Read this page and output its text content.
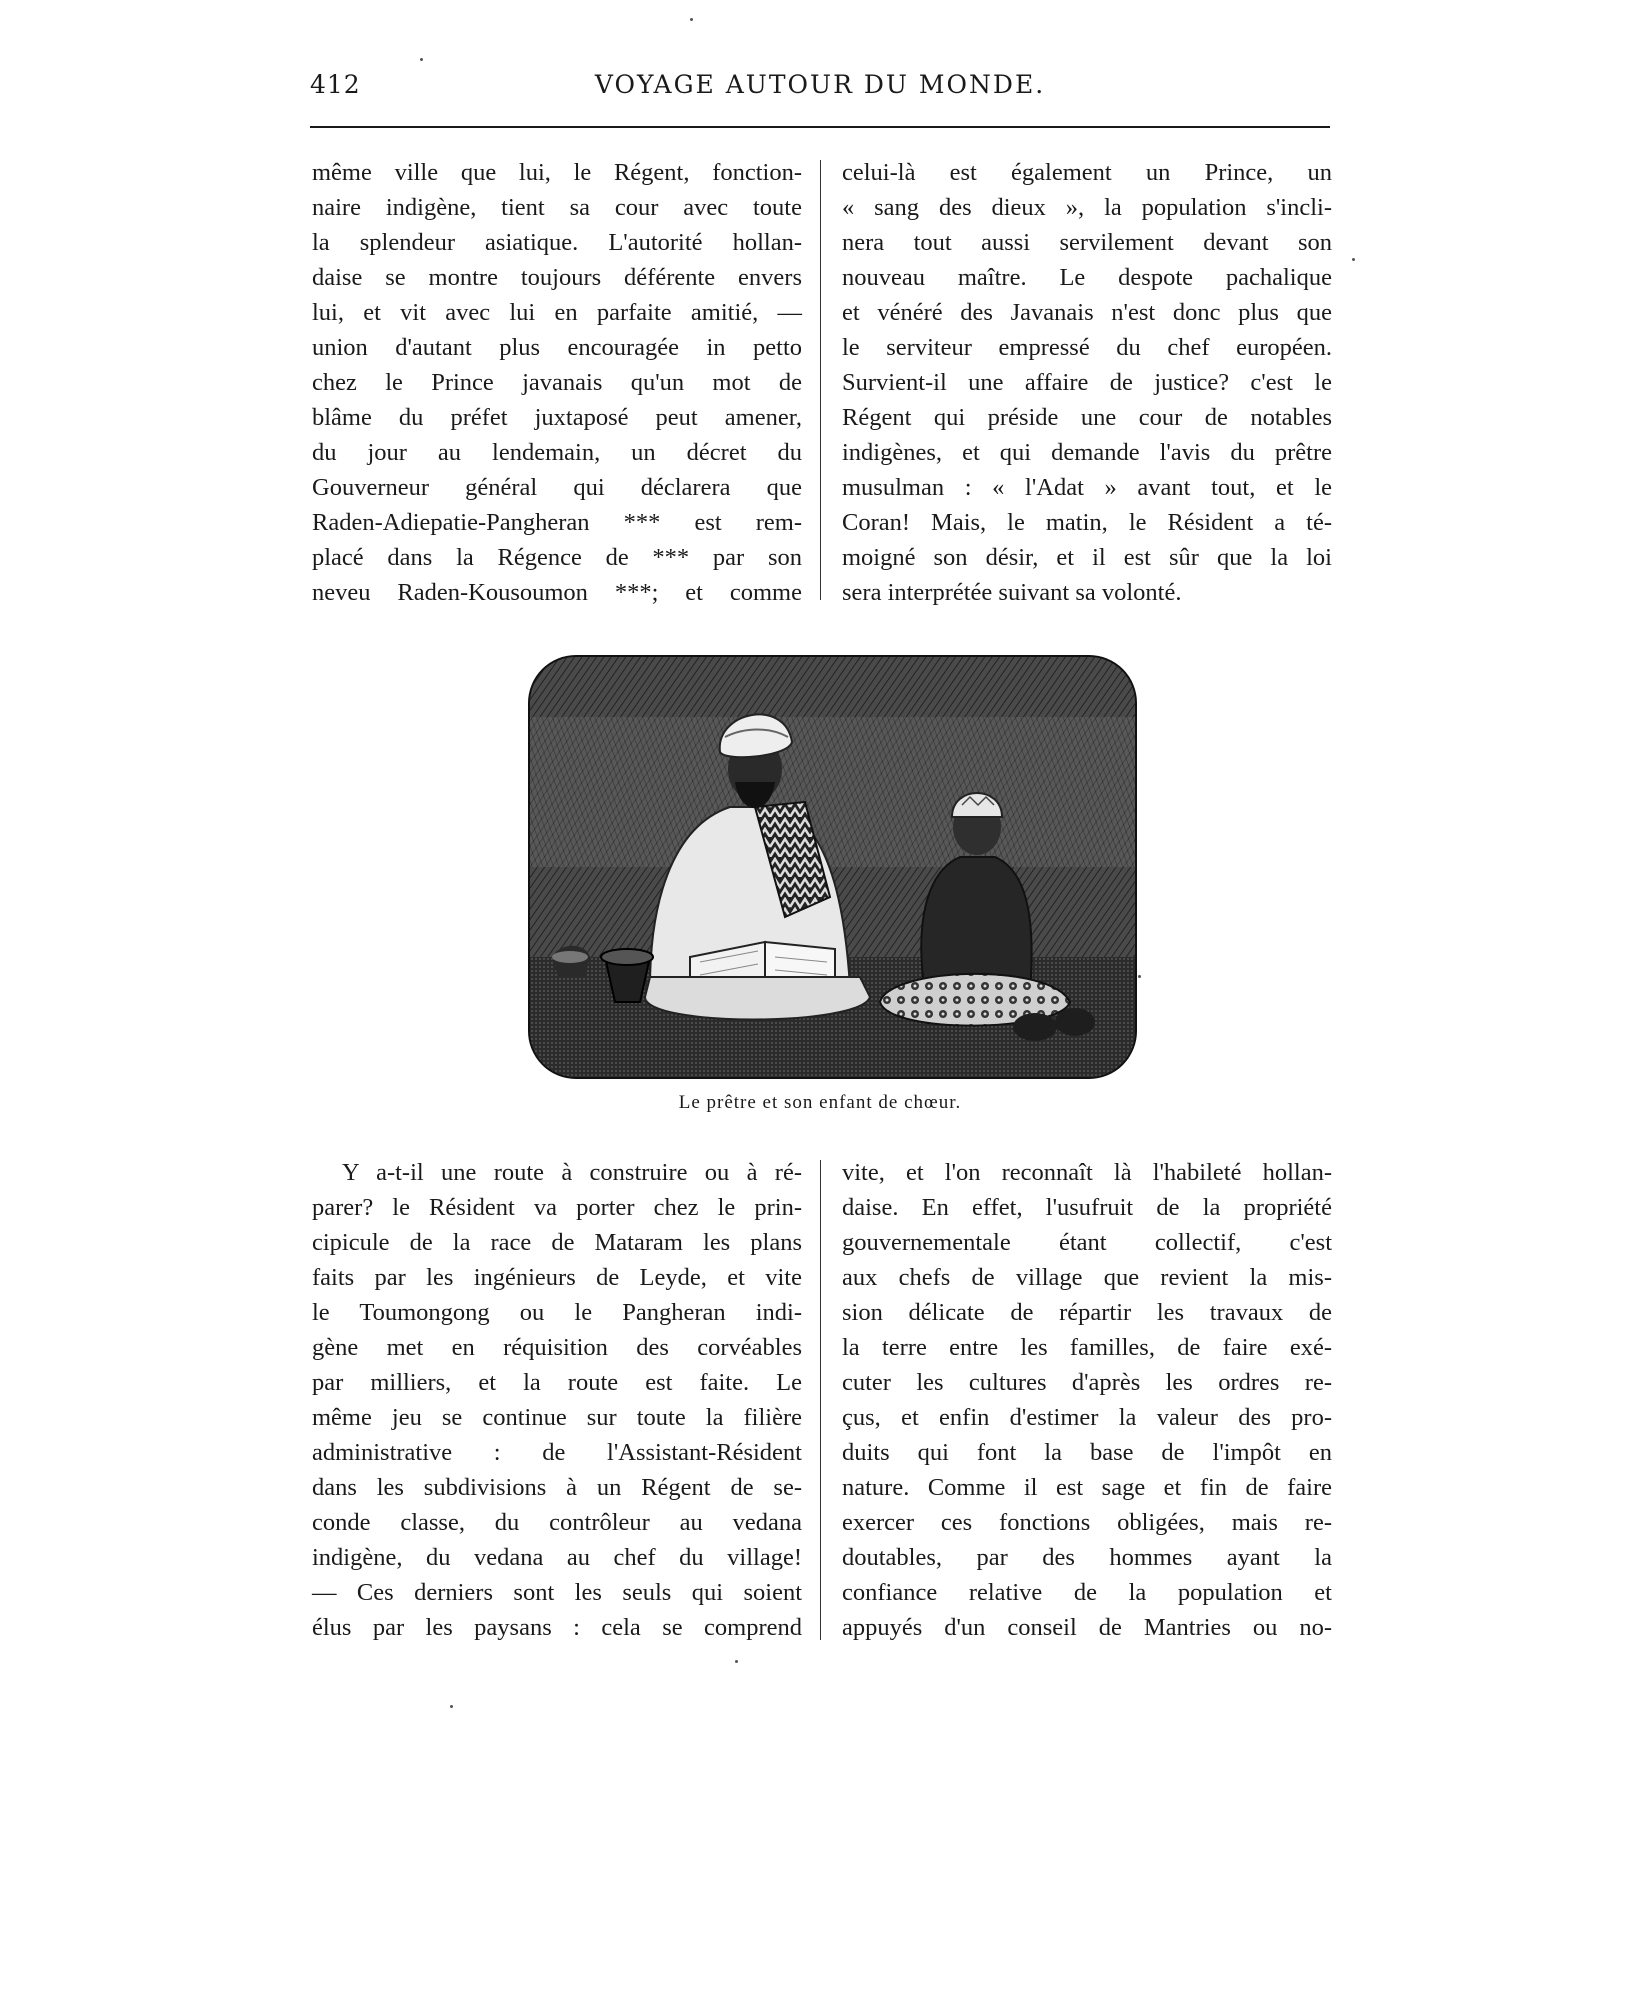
412	VOYAGE AUTOUR DU MONDE.
même ville que lui, le Régent, fonction-
naire indigène, tient sa cour avec toute
la splendeur asiatique. L'autorité hollan-
daise se montre toujours déférente envers
lui, et vit avec lui en parfaite amitié, —
union d'autant plus encouragée in petto
chez le Prince javanais qu'un mot de
blâme du préfet juxtaposé peut amener,
du jour au lendemain, un décret du
Gouverneur général qui déclarera que
Raden-Adiepatie-Pangheran *** est rem-
placé dans la Régence de *** par son
neveu Raden-Kousoumon ***; et comme
celui-là est également un Prince, un
« sang des dieux », la population s'incli-
nera tout aussi servilement devant son
nouveau maître. Le despote pachalique
et vénéré des Javanais n'est donc plus que
le serviteur empressé du chef européen.
Survient-il une affaire de justice? c'est le
Régent qui préside une cour de notables
indigènes, et qui demande l'avis du prêtre
musulman : « l'Adat » avant tout, et le
Coran! Mais, le matin, le Résident a té-
moigné son désir, et il est sûr que la loi
sera interprétée suivant sa volonté.
Le prêtre et son enfant de chœur.
Y a-t-il une route à construire ou à ré-
parer? le Résident va porter chez le prin-
cipicule de la race de Mataram les plans
faits par les ingénieurs de Leyde, et vite
le Toumongong ou le Pangheran indi-
gène met en réquisition des corvéables
par milliers, et la route est faite. Le
même jeu se continue sur toute la filière
administrative : de l'Assistant-Résident
dans les subdivisions à un Régent de se-
conde classe, du contrôleur au vedana
indigène, du vedana au chef du village!
— Ces derniers sont les seuls qui soient
élus par les paysans : cela se comprend
vite, et l'on reconnaît là l'habileté hollan-
daise. En effet, l'usufruit de la propriété
gouvernementale étant collectif, c'est
aux chefs de village que revient la mis-
sion délicate de répartir les travaux de
la terre entre les familles, de faire exé-
cuter les cultures d'après les ordres re-
çus, et enfin d'estimer la valeur des pro-
duits qui font la base de l'impôt en
nature. Comme il est sage et fin de faire
exercer ces fonctions obligées, mais re-
doutables, par des hommes ayant la
confiance relative de la population et
appuyés d'un conseil de Mantries ou no-
